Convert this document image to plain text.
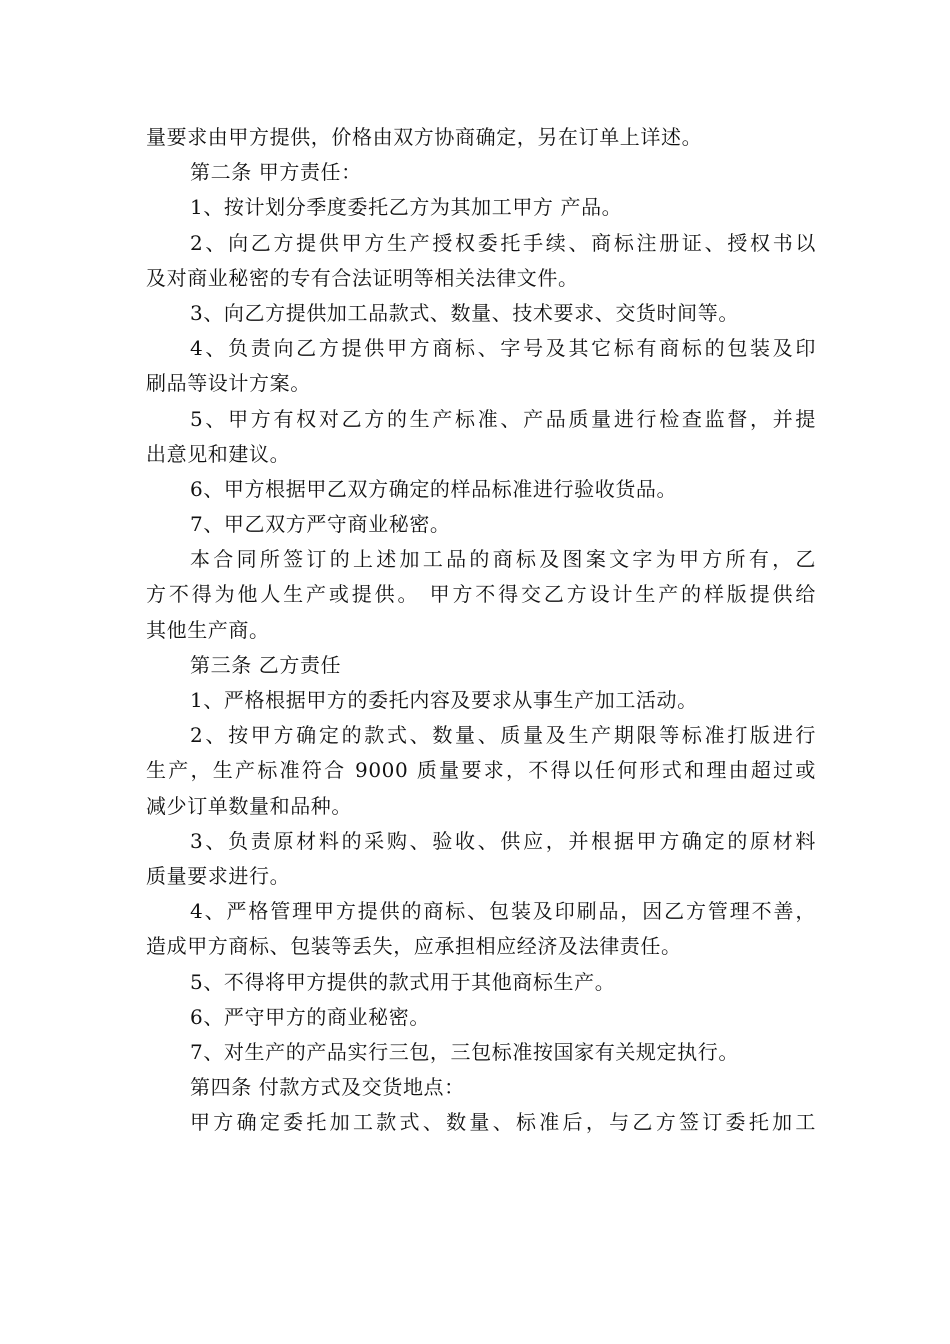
量要求由甲方提供，价格由双方协商确定，另在订单上详述。
第二条 甲方责任：
1、按计划分季度委托乙方为其加工甲方 产品。
2、向乙方提供甲方生产授权委托手续、商标注册证、授权书以
及对商业秘密的专有合法证明等相关法律文件。
3、向乙方提供加工品款式、数量、技术要求、交货时间等。
4、负责向乙方提供甲方商标、字号及其它标有商标的包装及印
刷品等设计方案。
5、甲方有权对乙方的生产标准、产品质量进行检查监督，并提
出意见和建议。
6、甲方根据甲乙双方确定的样品标准进行验收货品。
7、甲乙双方严守商业秘密。
本合同所签订的上述加工品的商标及图案文字为甲方所有，乙
方不得为他人生产或提供。 甲方不得交乙方设计生产的样版提供给
其他生产商。
第三条 乙方责任
1、严格根据甲方的委托内容及要求从事生产加工活动。
2、按甲方确定的款式、数量、质量及生产期限等标准打版进行
生产，生产标准符合 9000 质量要求，不得以任何形式和理由超过或
减少订单数量和品种。
3、负责原材料的采购、验收、供应，并根据甲方确定的原材料
质量要求进行。
4、严格管理甲方提供的商标、包装及印刷品，因乙方管理不善，
造成甲方商标、包装等丢失，应承担相应经济及法律责任。
5、不得将甲方提供的款式用于其他商标生产。
6、严守甲方的商业秘密。
7、对生产的产品实行三包，三包标准按国家有关规定执行。
第四条 付款方式及交货地点：
甲方确定委托加工款式、数量、标准后，与乙方签订委托加工
